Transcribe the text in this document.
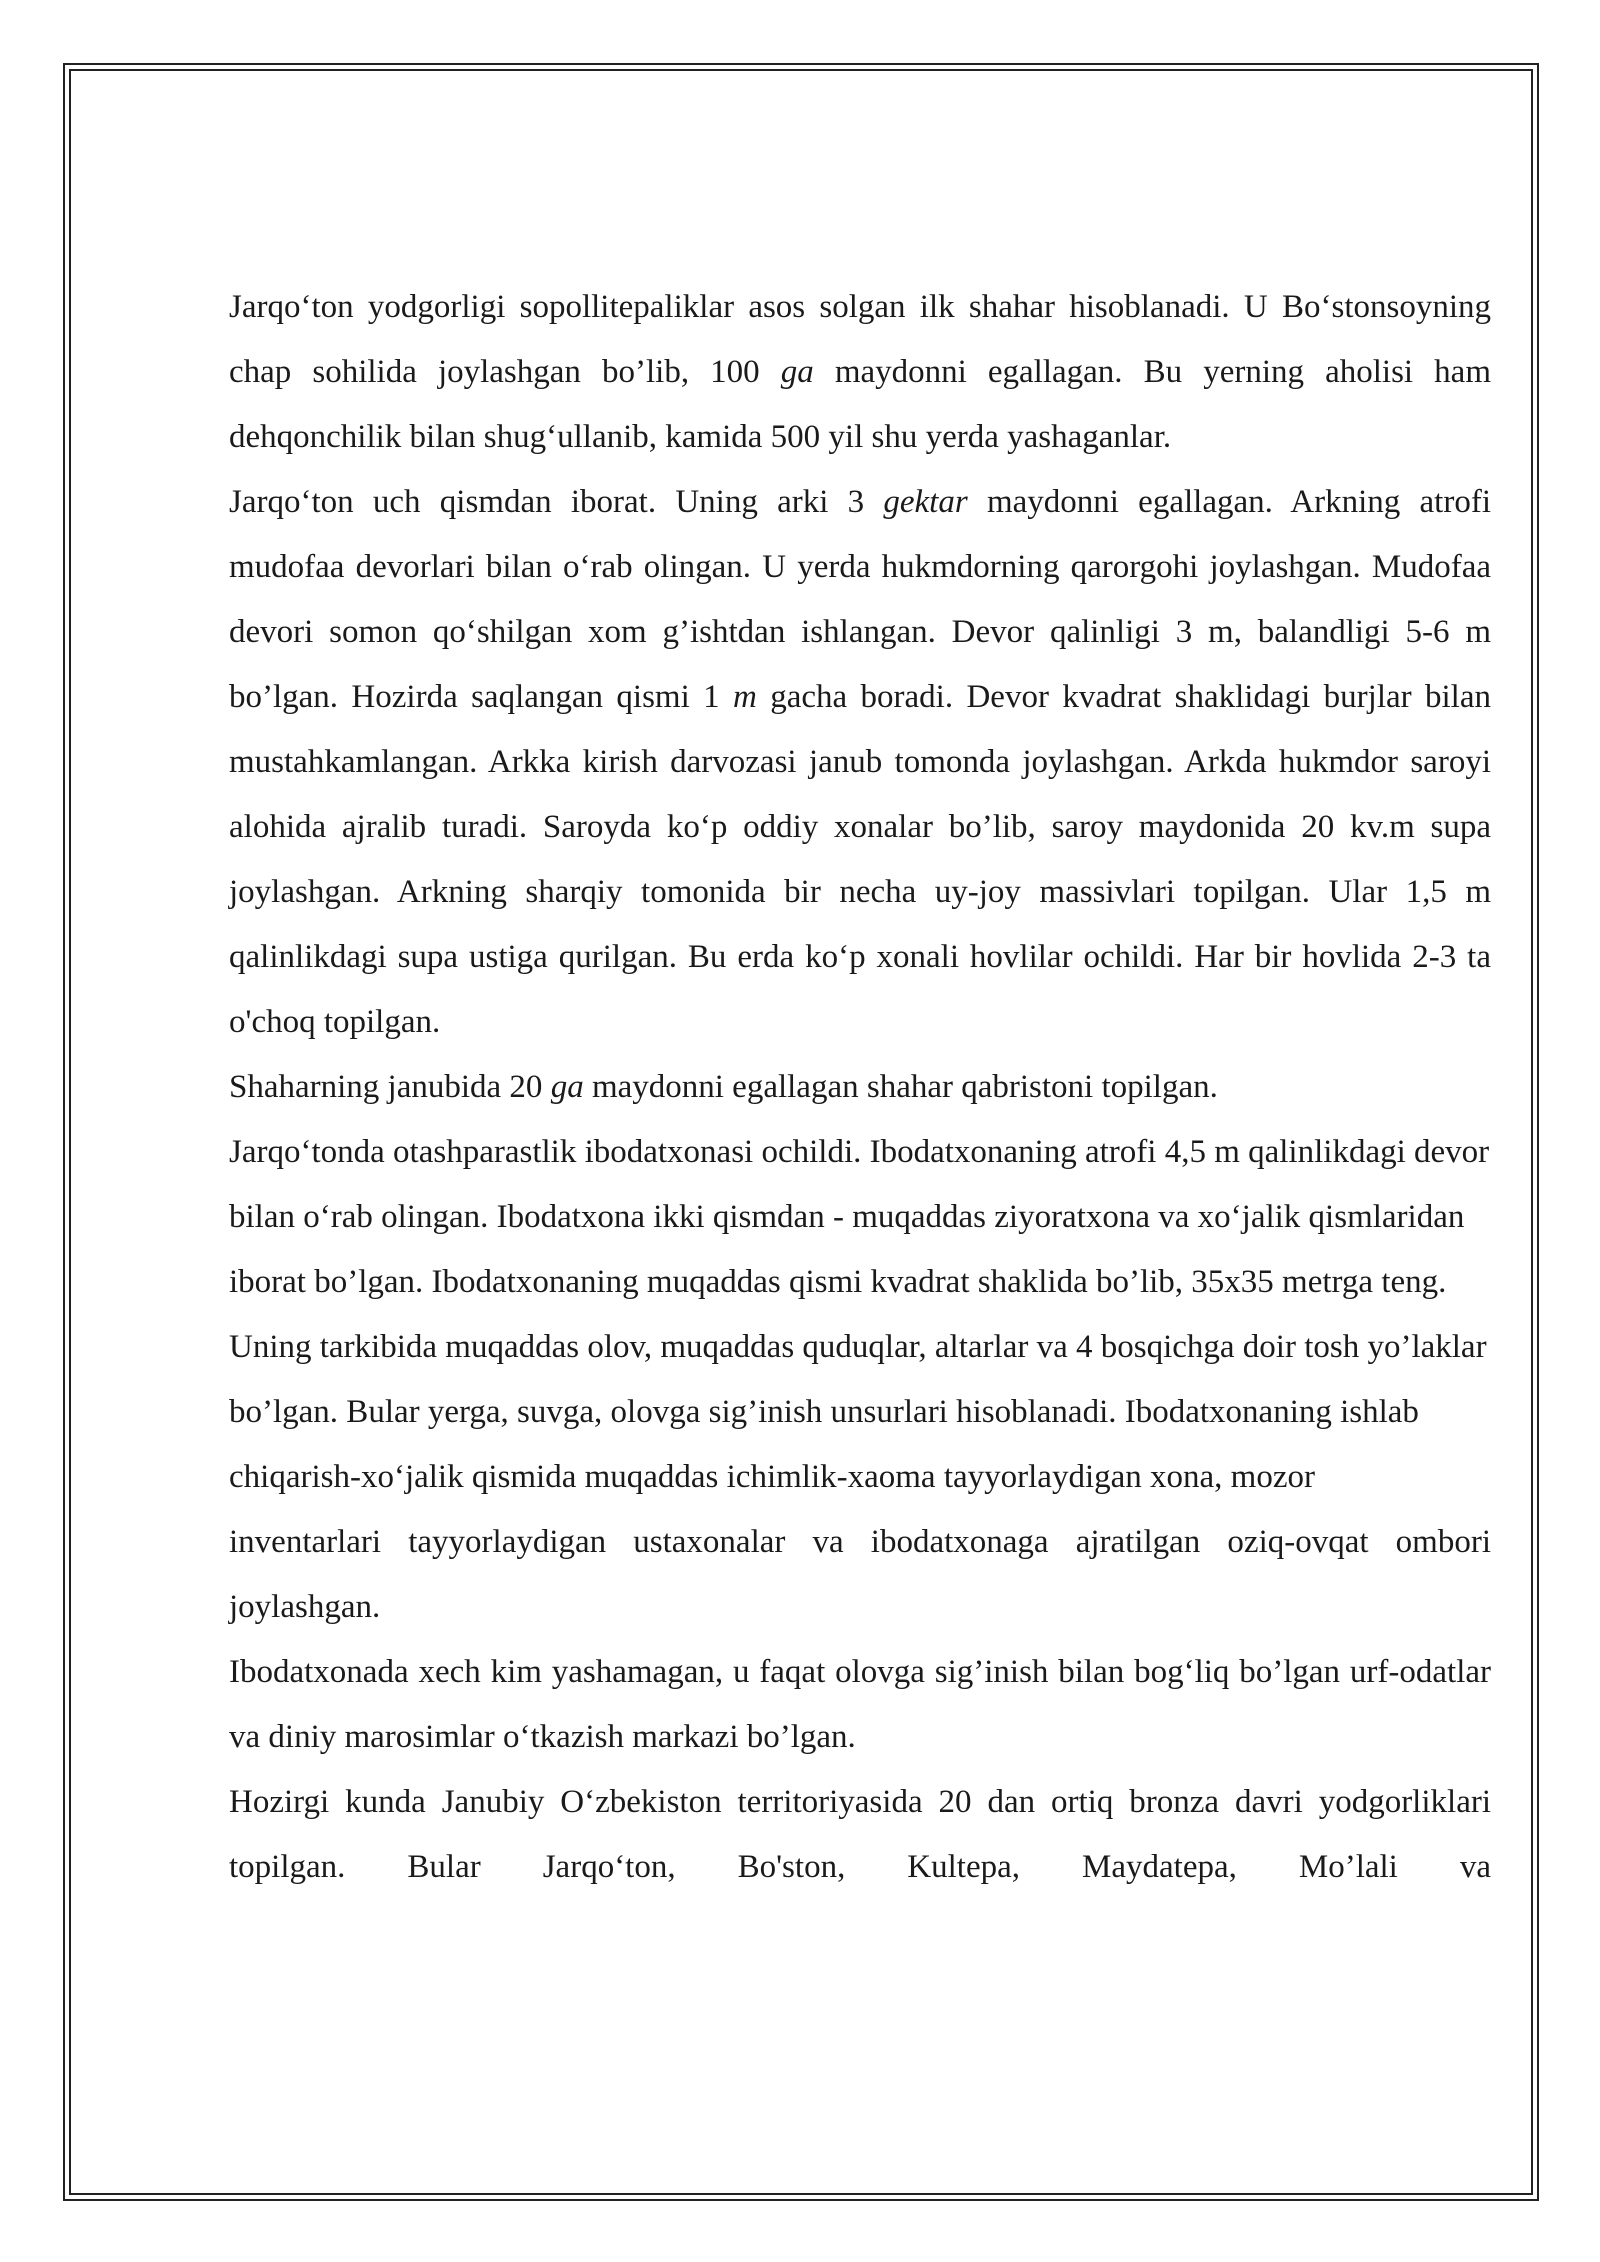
Jarqo‘ton yodgorligi sopollitepaliklar asos solgan ilk shahar hisoblanadi. U Bo‘stonsoyning chap sohilida joylashgan bo’lib, 100 ga maydonni egallagan. Bu yerning aholisi ham dehqonchilik bilan shug‘ullanib, kamida 500 yil shu yerda yashaganlar.

Jarqo‘ton uch qismdan iborat. Uning arki 3 gektar maydonni egallagan. Arkning atrofi mudofaa devorlari bilan o‘rab olingan. U yerda hukmdorning qarorgohi joylashgan. Mudofaa devori somon qo‘shilgan xom g’ishtdan ishlangan. Devor qalinligi 3 m, balandligi 5-6 m bo’lgan. Hozirda saqlangan qismi 1 m gacha boradi. Devor kvadrat shaklidagi burjlar bilan mustahkamlangan. Arkka kirish darvozasi janub tomonda joylashgan. Arkda hukmdor saroyi alohida ajralib turadi. Saroyda ko‘p oddiy xonalar bo’lib, saroy maydonida 20 kv.m supa joylashgan. Arkning sharqiy tomonida bir necha uy-joy massivlari topilgan. Ular 1,5 m qalinlikdagi supa ustiga qurilgan. Bu erda ko‘p xonali hovlilar ochildi. Har bir hovlida 2-3 ta o'choq topilgan.

Shaharning janubida 20 ga maydonni egallagan shahar qabristoni topilgan.

Jarqo‘tonda otashparastlik ibodatxonasi ochildi. Ibodatxonaning atrofi 4,5 m qalinlikdagi devor bilan o‘rab olingan. Ibodatxona ikki qismdan - muqaddas ziyoratxona va xo‘jalik qismlaridan iborat bo’lgan. Ibodatxonaning muqaddas qismi kvadrat shaklida bo’lib, 35x35 metrga teng. Uning tarkibida muqaddas olov, muqaddas quduqlar, altarlar va 4 bosqichga doir tosh yo’laklar bo’lgan. Bular yerga, suvga, olovga sig’inish unsurlari hisoblanadi. Ibodatxonaning ishlab chiqarish-xo‘jalik qismida muqaddas ichimlik-xaoma tayyorlaydigan xona, mozor

inventarlari tayyorlaydigan ustaxonalar va ibodatxonaga ajratilgan oziq-ovqat ombori joylashgan.

Ibodatxonada xech kim yashamagan, u faqat olovga sig’inish bilan bog‘liq bo’lgan urf-odatlar va diniy marosimlar o‘tkazish markazi bo’lgan.

Hozirgi kunda Janubiy O‘zbekiston territoriyasida 20 dan ortiq bronza davri yodgorliklari topilgan. Bular Jarqo‘ton, Bo'ston, Kultepa, Maydatepa, Mo’lali va
